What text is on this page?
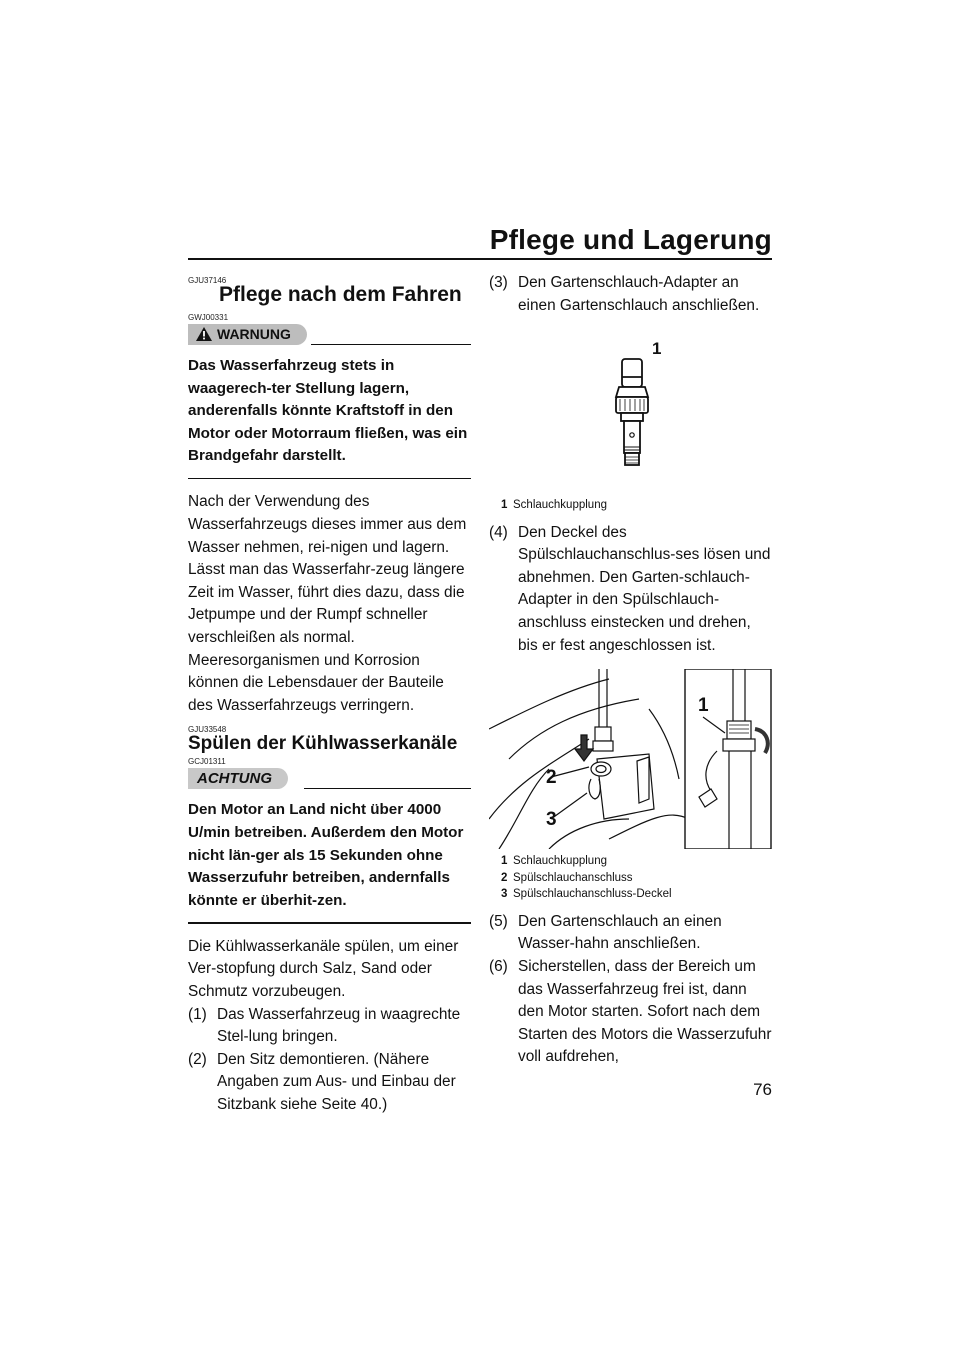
Pflege und Lagerung
GJU37146
Pflege nach dem Fahren
GWJ00331
WARNUNG
Das Wasserfahrzeug stets in waagerech-ter Stellung lagern, anderenfalls könnte Kraftstoff in den Motor oder Motorraum fließen, was ein Brandgefahr darstellt.
Nach der Verwendung des Wasserfahrzeugs dieses immer aus dem Wasser nehmen, rei-nigen und lagern. Lässt man das Wasserfahr-zeug längere Zeit im Wasser, führt dies dazu, dass die Jetpumpe und der Rumpf schneller verschleißen als normal. Meeresorganismen und Korrosion können die Lebensdauer der Bauteile des Wasserfahrzeugs verringern.
GJU33548
Spülen der Kühlwasserkanäle
GCJ01311
ACHTUNG
Den Motor an Land nicht über 4000 U/min betreiben. Außerdem den Motor nicht län-ger als 15 Sekunden ohne Wasserzufuhr betreiben, andernfalls könnte er überhit-zen.
Die Kühlwasserkanäle spülen, um einer Ver-stopfung durch Salz, Sand oder Schmutz vorzubeugen.
(1) Das Wasserfahrzeug in waagrechte Stel-lung bringen.
(2) Den Sitz demontieren. (Nähere Angaben zum Aus- und Einbau der Sitzbank siehe Seite 40.)
(3) Den Gartenschlauch-Adapter an einen Gartenschlauch anschließen.
1
1 Schlauchkupplung
(4) Den Deckel des Spülschlauchanschlus-ses lösen und abnehmen. Den Garten-schlauch-Adapter in den Spülschlauch-anschluss einstecken und drehen, bis er fest angeschlossen ist.
1
2
3
1 Schlauchkupplung
2 Spülschlauchanschluss
3 Spülschlauchanschluss-Deckel
(5) Den Gartenschlauch an einen Wasser-hahn anschließen.
(6) Sicherstellen, dass der Bereich um das Wasserfahrzeug frei ist, dann den Motor starten. Sofort nach dem Starten des Motors die Wasserzufuhr voll aufdrehen,
76
